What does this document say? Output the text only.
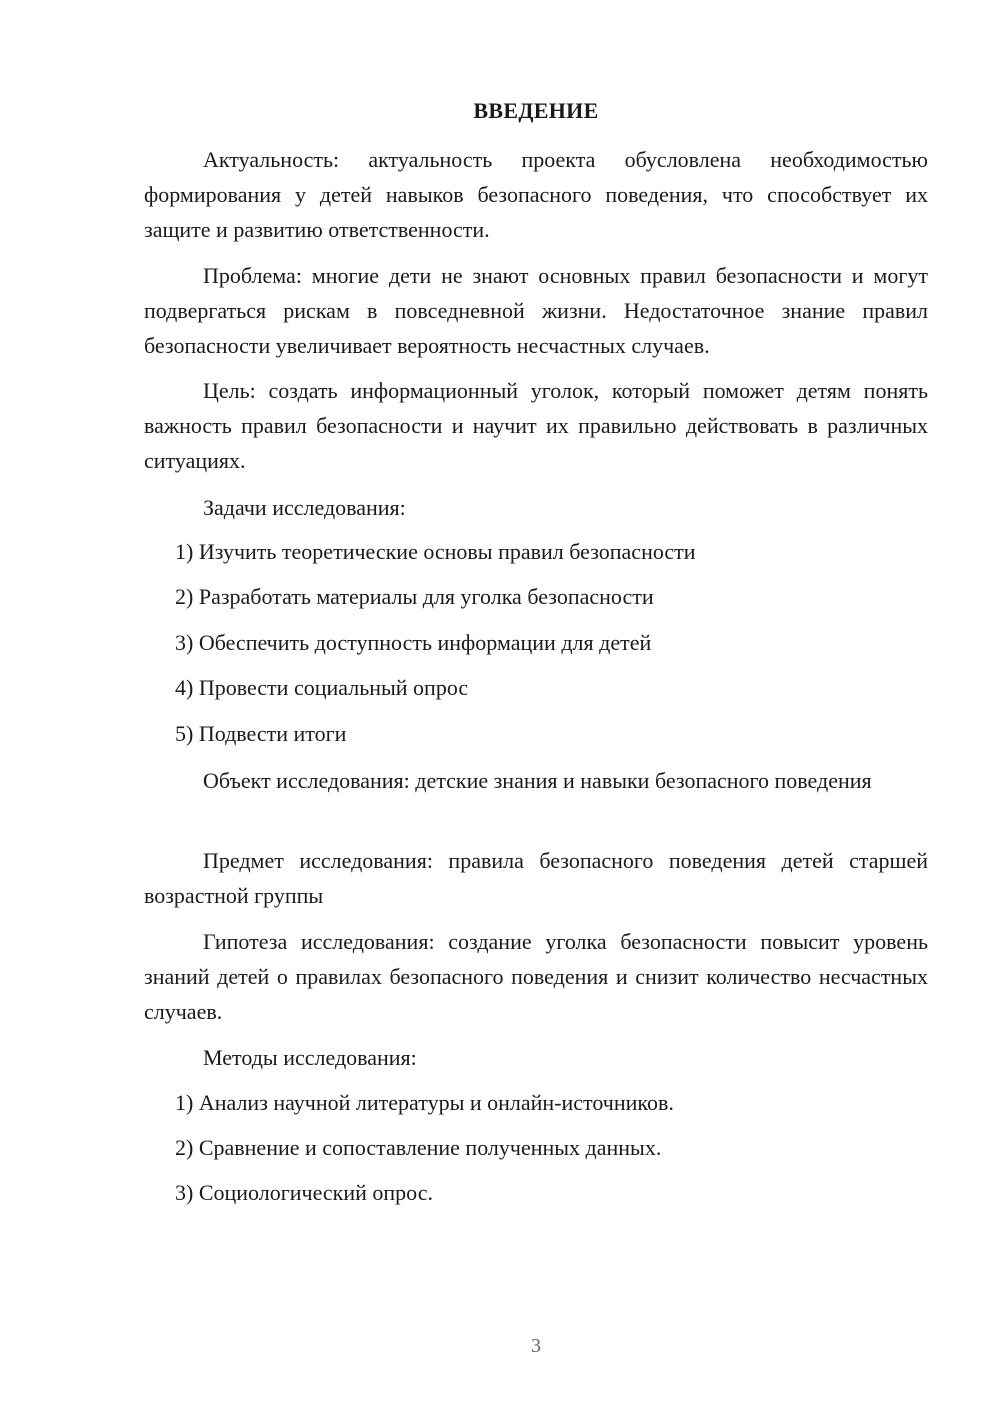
ВВЕДЕНИЕ
Актуальность: актуальность проекта обусловлена необходимостью формирования у детей навыков безопасного поведения, что способствует их защите и развитию ответственности.
Проблема: многие дети не знают основных правил безопасности и могут подвергаться рискам в повседневной жизни. Недостаточное знание правил безопасности увеличивает вероятность несчастных случаев.
Цель: создать информационный уголок, который поможет детям понять важность правил безопасности и научит их правильно действовать в различных ситуациях.
Задачи исследования:
1) Изучить теоретические основы правил безопасности
2) Разработать материалы для уголка безопасности
3) Обеспечить доступность информации для детей
4) Провести социальный опрос
5) Подвести итоги
Объект исследования: детские знания и навыки безопасного поведения
Предмет исследования: правила безопасного поведения детей старшей возрастной группы
Гипотеза исследования: создание уголка безопасности повысит уровень знаний детей о правилах безопасного поведения и снизит количество несчастных случаев.
Методы исследования:
1) Анализ научной литературы и онлайн-источников.
2) Сравнение и сопоставление полученных данных.
3) Социологический опрос.
3
